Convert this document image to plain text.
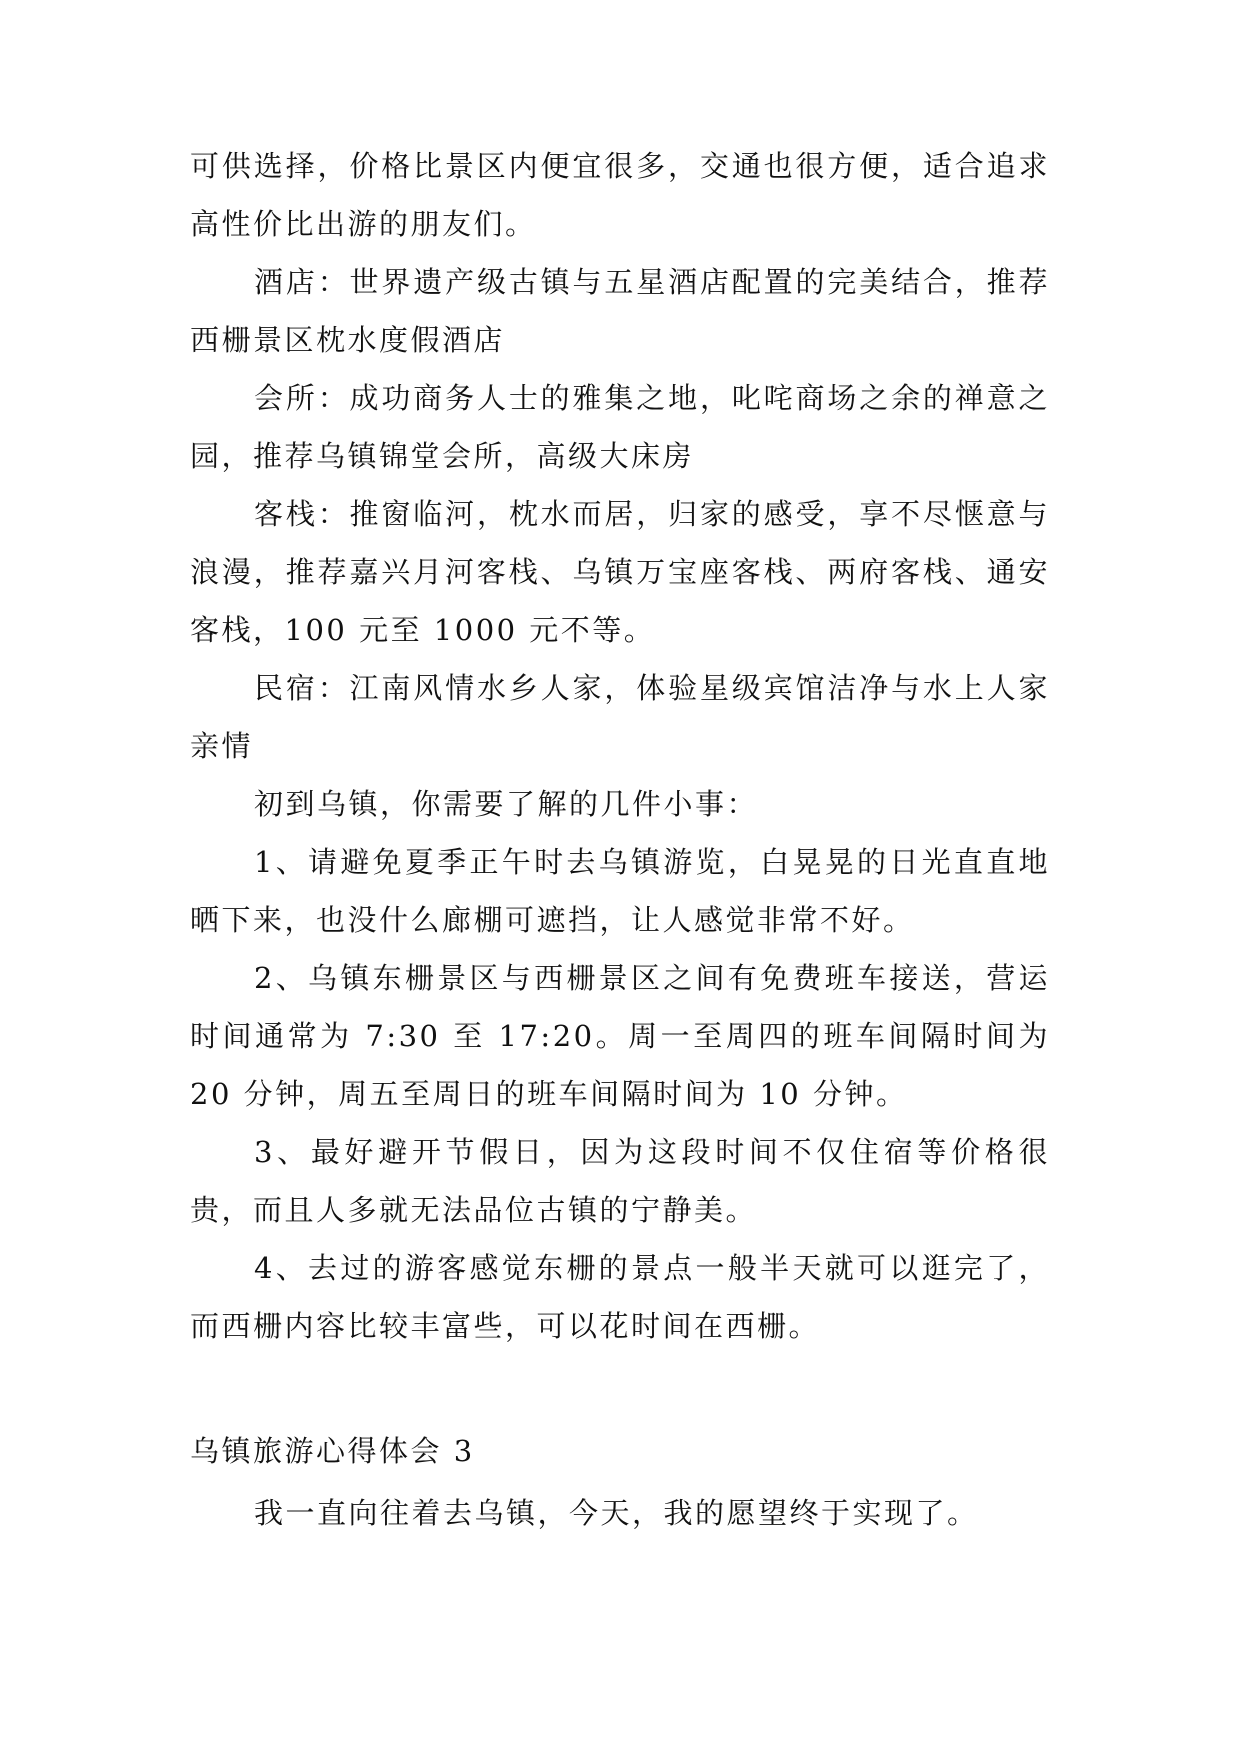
可供选择，价格比景区内便宜很多，交通也很方便，适合追求高性价比出游的朋友们。

酒店：世界遗产级古镇与五星酒店配置的完美结合，推荐西栅景区枕水度假酒店

会所：成功商务人士的雅集之地，叱咤商场之余的禅意之园，推荐乌镇锦堂会所，高级大床房

客栈：推窗临河，枕水而居，归家的感受，享不尽惬意与浪漫，推荐嘉兴月河客栈、乌镇万宝座客栈、两府客栈、通安客栈，100 元至 1000 元不等。

民宿：江南风情水乡人家，体验星级宾馆洁净与水上人家亲情

初到乌镇，你需要了解的几件小事：

1、请避免夏季正午时去乌镇游览，白晃晃的日光直直地晒下来，也没什么廊棚可遮挡，让人感觉非常不好。

2、乌镇东栅景区与西栅景区之间有免费班车接送，营运时间通常为 7:30 至 17:20。周一至周四的班车间隔时间为 20 分钟，周五至周日的班车间隔时间为 10 分钟。

3、最好避开节假日，因为这段时间不仅住宿等价格很贵，而且人多就无法品位古镇的宁静美。

4、去过的游客感觉东栅的景点一般半天就可以逛完了，而西栅内容比较丰富些，可以花时间在西栅。

乌镇旅游心得体会 3

我一直向往着去乌镇，今天，我的愿望终于实现了。
